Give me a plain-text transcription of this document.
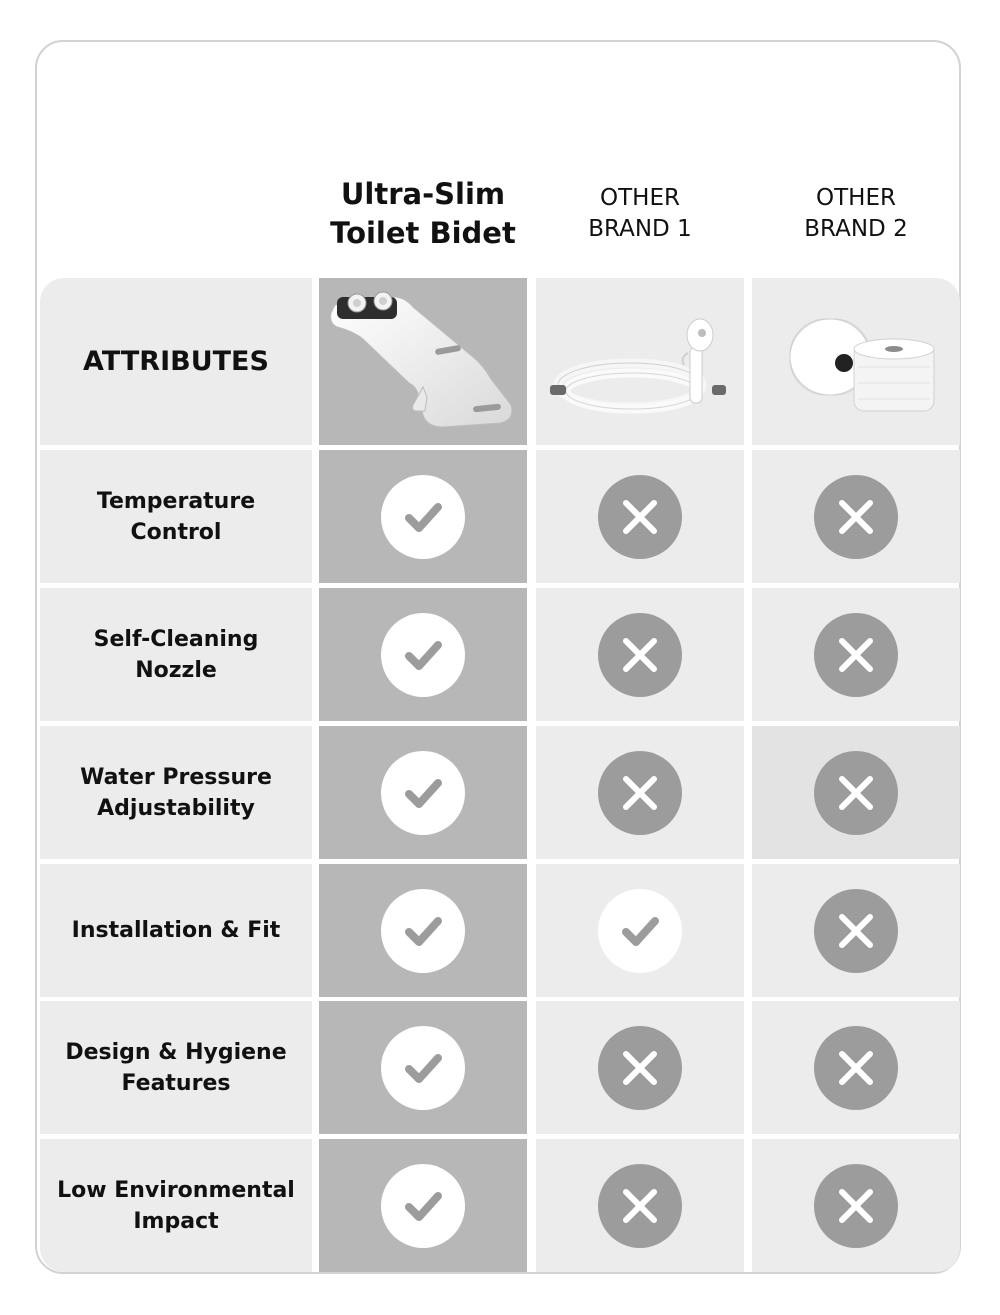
Ultra-Slim
Toilet Bidet
OTHER
BRAND 1
OTHER
BRAND 2
ATTRIBUTES
Temperature
Control
Self-Cleaning
Nozzle
Water Pressure
Adjustability
Installation & Fit
Design & Hygiene
Features
Low Environmental
Impact
